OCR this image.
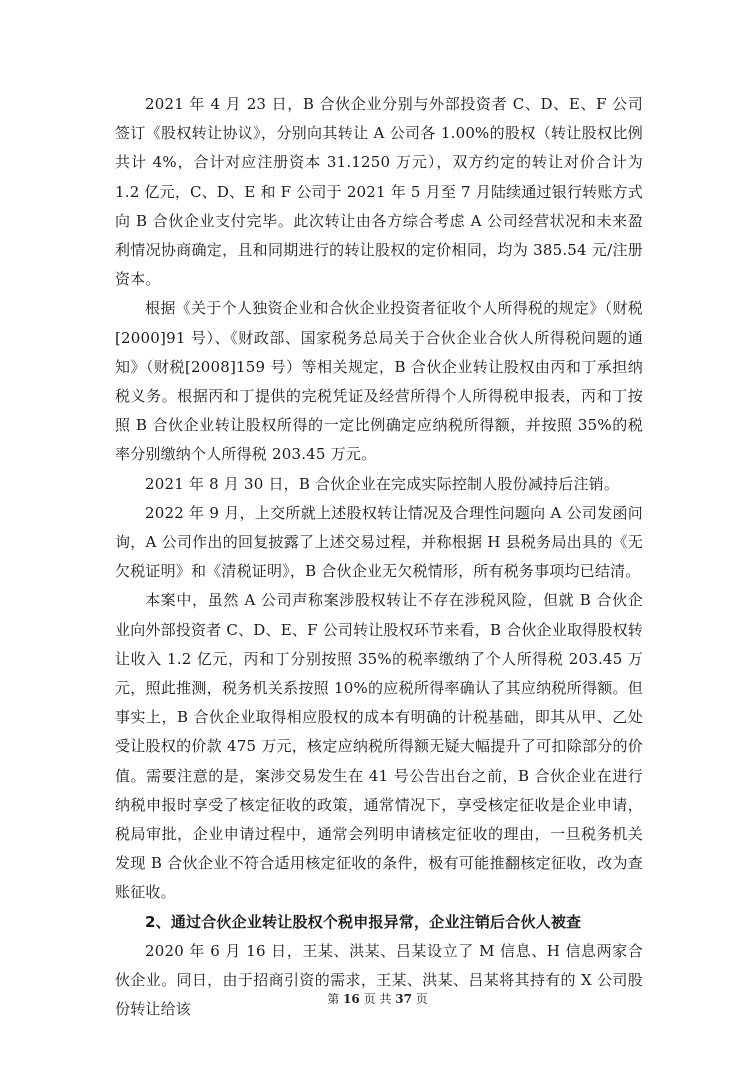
2021 年 4 月 23 日，B 合伙企业分别与外部投资者 C、D、E、F 公司签订《股权转让协议》，分别向其转让 A 公司各 1.00%的股权（转让股权比例共计 4%，合计对应注册资本 31.1250 万元），双方约定的转让对价合计为 1.2 亿元，C、D、E 和 F 公司于 2021 年 5 月至 7 月陆续通过银行转账方式向 B 合伙企业支付完毕。此次转让由各方综合考虑 A 公司经营状况和未来盈利情况协商确定，且和同期进行的转让股权的定价相同，均为 385.54 元/注册资本。

根据《关于个人独资企业和合伙企业投资者征收个人所得税的规定》（财税[2000]91 号）、《财政部、国家税务总局关于合伙企业合伙人所得税问题的通知》（财税[2008]159 号）等相关规定，B 合伙企业转让股权由丙和丁承担纳税义务。根据丙和丁提供的完税凭证及经营所得个人所得税申报表，丙和丁按照 B 合伙企业转让股权所得的一定比例确定应纳税所得额，并按照 35%的税率分别缴纳个人所得税 203.45 万元。

2021 年 8 月 30 日，B 合伙企业在完成实际控制人股份减持后注销。

2022 年 9 月，上交所就上述股权转让情况及合理性问题向 A 公司发函问询，A 公司作出的回复披露了上述交易过程，并称根据 H 县税务局出具的《无欠税证明》和《清税证明》，B 合伙企业无欠税情形，所有税务事项均已结清。

本案中，虽然 A 公司声称案涉股权转让不存在涉税风险，但就 B 合伙企业向外部投资者 C、D、E、F 公司转让股权环节来看，B 合伙企业取得股权转让收入 1.2 亿元，丙和丁分别按照 35%的税率缴纳了个人所得税 203.45 万元，照此推测，税务机关系按照 10%的应税所得率确认了其应纳税所得额。但事实上，B 合伙企业取得相应股权的成本有明确的计税基础，即其从甲、乙处受让股权的价款 475 万元，核定应纳税所得额无疑大幅提升了可扣除部分的价值。需要注意的是，案涉交易发生在 41 号公告出台之前，B 合伙企业在进行纳税申报时享受了核定征收的政策，通常情况下，享受核定征收是企业申请，税局审批，企业申请过程中，通常会列明申请核定征收的理由，一旦税务机关发现 B 合伙企业不符合适用核定征收的条件，极有可能推翻核定征收，改为查账征收。

2、通过合伙企业转让股权个税申报异常，企业注销后合伙人被查

2020 年 6 月 16 日，王某、洪某、吕某设立了 M 信息、H 信息两家合伙企业。同日，由于招商引资的需求，王某、洪某、吕某将其持有的 X 公司股份转让给该

第 16 页 共 37 页
